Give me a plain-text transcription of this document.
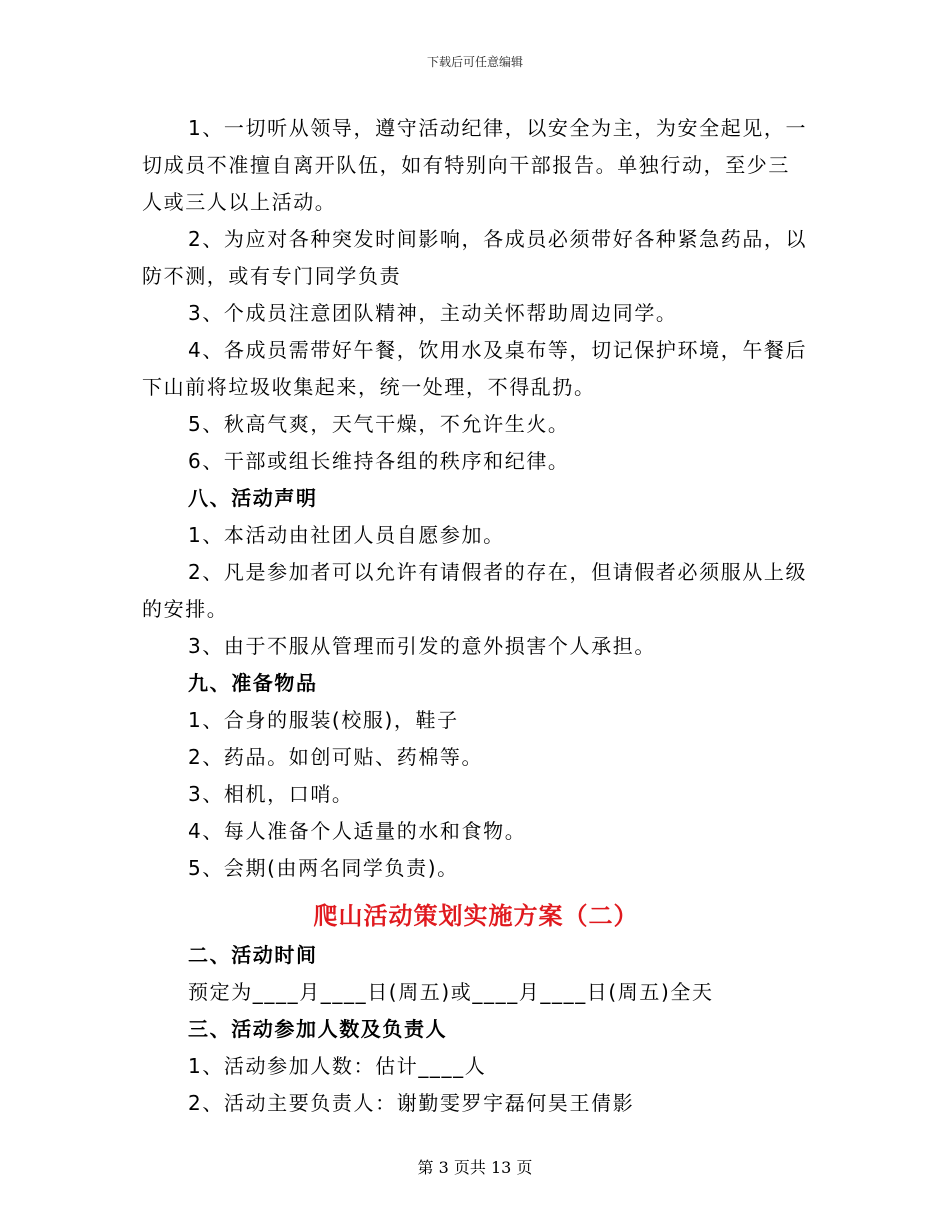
下载后可任意编辑

1、一切听从领导，遵守活动纪律，以安全为主，为安全起见，一切成员不准擅自离开队伍，如有特别向干部报告。单独行动，至少三人或三人以上活动。

2、为应对各种突发时间影响，各成员必须带好各种紧急药品，以防不测，或有专门同学负责

3、个成员注意团队精神，主动关怀帮助周边同学。

4、各成员需带好午餐，饮用水及桌布等，切记保护环境，午餐后下山前将垃圾收集起来，统一处理，不得乱扔。

5、秋高气爽，天气干燥，不允许生火。

6、干部或组长维持各组的秩序和纪律。

八、活动声明

1、本活动由社团人员自愿参加。

2、凡是参加者可以允许有请假者的存在，但请假者必须服从上级的安排。

3、由于不服从管理而引发的意外损害个人承担。

九、准备物品

1、合身的服装(校服)，鞋子

2、药品。如创可贴、药棉等。

3、相机，口哨。

4、每人准备个人适量的水和食物。

5、会期(由两名同学负责)。

爬山活动策划实施方案（二）

二、活动时间

预定为____月____日(周五)或____月____日(周五)全天

三、活动参加人数及负责人

1、活动参加人数：估计____人

2、活动主要负责人：谢勤雯罗宇磊何昊王倩影

第 3 页共 13 页
